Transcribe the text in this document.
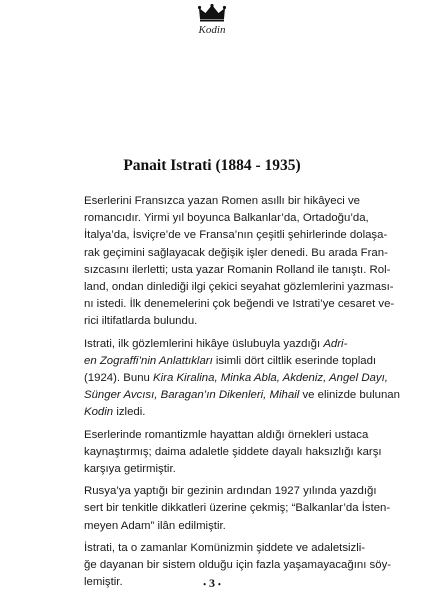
Kodin
Panait Istrati (1884 - 1935)
Eserlerini Fransızca yazan Romen asıllı bir hikâyeci ve
romancıdır. Yirmi yıl boyunca Balkanlar’da, Ortadoğu’da,
İtalya’da, İsviçre’de ve Fransa’nın çeşitli şehirlerinde dolaşa-
rak geçimini sağlayacak değişik işler denedi. Bu arada Fran-
sızcasını ilerletti; usta yazar Romanin Rolland ile tanıştı. Rol-
land, ondan dinlediği ilgi çekici seyahat gözlemlerini yazması-
nı istedi. İlk denemelerini çok beğendi ve Istrati’ye cesaret ve-
rici iltifatlarda bulundu.
Istrati, ilk gözlemlerini hikâye üslubuyla yazdığı Adri-
en Zograffi’nin Anlattıkları isimli dört ciltlik eserinde topladı
(1924). Bunu Kira Kiralina, Minka Abla, Akdeniz, Angel Dayı,
Sünger Avcısı, Baragan’ın Dikenleri, Mihail ve elinizde bulunan
Kodin izledi.
Eserlerinde romantizmle hayattan aldığı örnekleri ustaca
kaynaştırmış; daima adaletle şiddete dayalı haksızlığı karşı
karşıya getirmiştir.
Rusya’ya yaptığı bir gezinin ardından 1927 yılında yazdığı
sert bir tenkitle dikkatleri üzerine çekmiş; “Balkanlar’da İsten-
meyen Adam” ilân edilmiştir.
İstrati, ta o zamanlar Komünizmin şiddete ve adaletsizli-
ğe dayanan bir sistem olduğu için fazla yaşamayacağını söy-
lemiştir.	• 3 •
